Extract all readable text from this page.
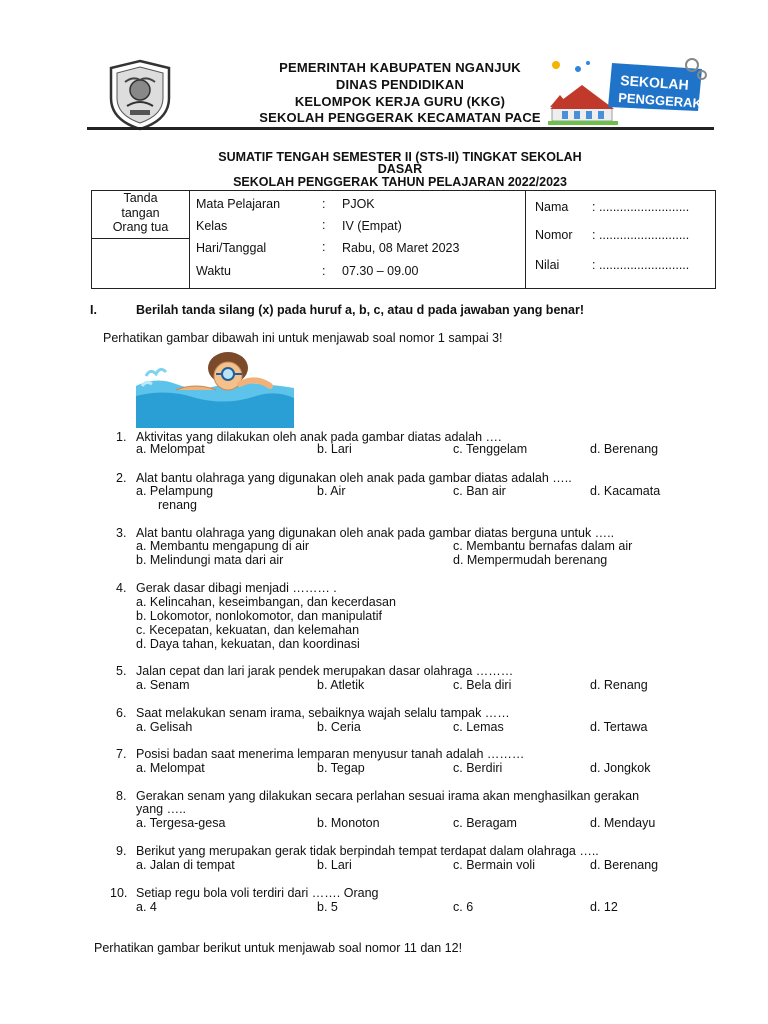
PEMERINTAH KABUPATEN NGANJUK
DINAS PENDIDIKAN
KELOMPOK KERJA GURU (KKG)
SEKOLAH PENGGERAK KECAMATAN PACE
SEKOLAH
PENGGERAK
SUMATIF TENGAH SEMESTER II (STS-II) TINGKAT SEKOLAH
DASAR
SEKOLAH PENGGERAK TAHUN PELAJARAN 2022/2023
Tanda
tangan
Orang tua

Mata Pelajaran	: PJOK
Kelas	: IV (Empat)
Hari/Tanggal	: Rabu, 08 Maret 2023
Waktu	: 07.30 – 09.00
Nama : ..........................
Nomor : ..........................
Nilai	: ..........................
I.	Berilah tanda silang (x) pada huruf a, b, c, atau d pada jawaban yang benar!
Perhatikan gambar dibawah ini untuk menjawab soal nomor 1 sampai 3!
1. Aktivitas yang dilakukan oleh anak pada gambar diatas adalah ….
a. Melompat	b. Lari	c. Tenggelam	d. Berenang
2. Alat bantu olahraga yang digunakan oleh anak pada gambar diatas adalah …..
a. Pelampung	b. Air	c. Ban air	d. Kacamata
renang
3. Alat bantu olahraga yang digunakan oleh anak pada gambar diatas berguna untuk …..
a. Membantu mengapung di air	c. Membantu bernafas dalam air
b. Melindungi mata dari air	d. Mempermudah berenang
4. Gerak dasar dibagi menjadi ……… .
a. Kelincahan, keseimbangan, dan kecerdasan
b. Lokomotor, nonlokomotor, dan manipulatif
c. Kecepatan, kekuatan, dan kelemahan
d. Daya tahan, kekuatan, dan koordinasi
5. Jalan cepat dan lari jarak pendek merupakan dasar olahraga ………
a. Senam	b. Atletik	c. Bela diri	d. Renang
6. Saat melakukan senam irama, sebaiknya wajah selalu tampak ……
a. Gelisah	b. Ceria	c. Lemas	d. Tertawa
7. Posisi badan saat menerima lemparan menyusur tanah adalah ………
a. Melompat	b. Tegap	c. Berdiri	d. Jongkok
8. Gerakan senam yang dilakukan secara perlahan sesuai irama akan menghasilkan gerakan
yang …..
a. Tergesa-gesa	b. Monoton	c. Beragam	d. Mendayu
9. Berikut yang merupakan gerak tidak berpindah tempat terdapat dalam olahraga …..
a. Jalan di tempat	b. Lari	c. Bermain voli	d. Berenang
10. Setiap regu bola voli terdiri dari ……. Orang
a. 4	b. 5	c. 6	d. 12
Perhatikan gambar berikut untuk menjawab soal nomor 11 dan 12!
